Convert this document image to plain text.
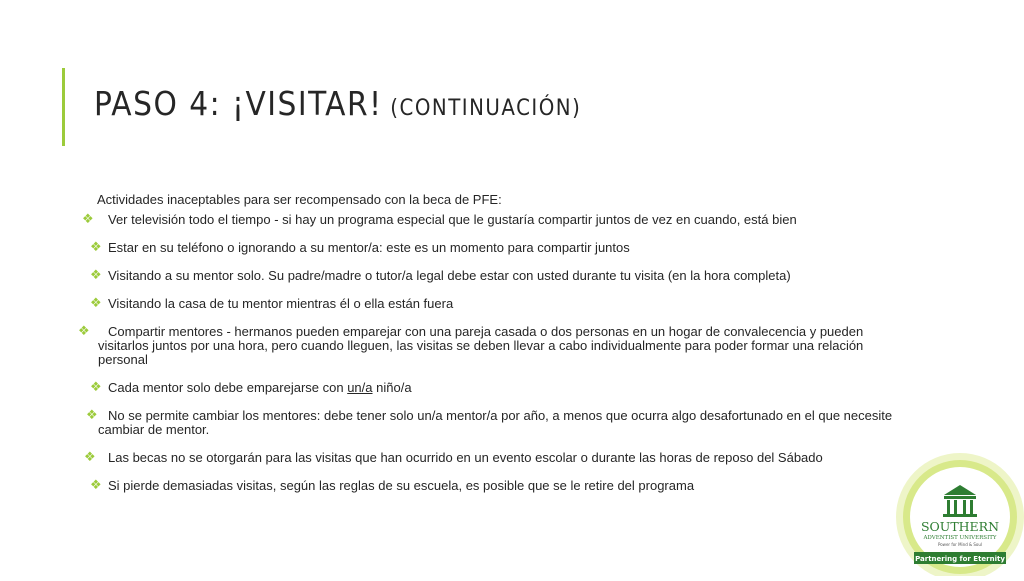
PASO 4: ¡VISITAR! (CONTINUACIÓN)

Actividades inaceptables para ser recompensado con la beca de PFE:

❖ Ver televisión todo el tiempo - si hay un programa especial que le gustaría compartir juntos de vez en cuando, está bien
❖ Estar en su teléfono o ignorando a su mentor/a: este es un momento para compartir juntos
❖ Visitando a su mentor solo. Su padre/madre o tutor/a legal debe estar con usted durante tu visita (en la hora completa)
❖ Visitando la casa de tu mentor mientras él o ella están fuera
❖ Compartir mentores - hermanos pueden emparejar con una pareja casada o dos personas en un hogar de convalecencia y pueden visitarlos juntos por una hora, pero cuando lleguen, las visitas se deben llevar a cabo individualmente para poder formar una relación personal
❖ Cada mentor solo debe emparejarse con un/a niño/a
❖ No se permite cambiar los mentores: debe tener solo un/a mentor/a por año, a menos que ocurra algo desafortunado en el que necesite cambiar de mentor.
❖ Las becas no se otorgarán para las visitas que han ocurrido en un evento escolar o durante las horas de reposo del Sábado
❖ Si pierde demasiadas visitas, según las reglas de su escuela, es posible que se le retire del programa
SOUTHERN
ADVENTIST UNIVERSITY
Power for Mind & Soul
Partnering for Eternity
